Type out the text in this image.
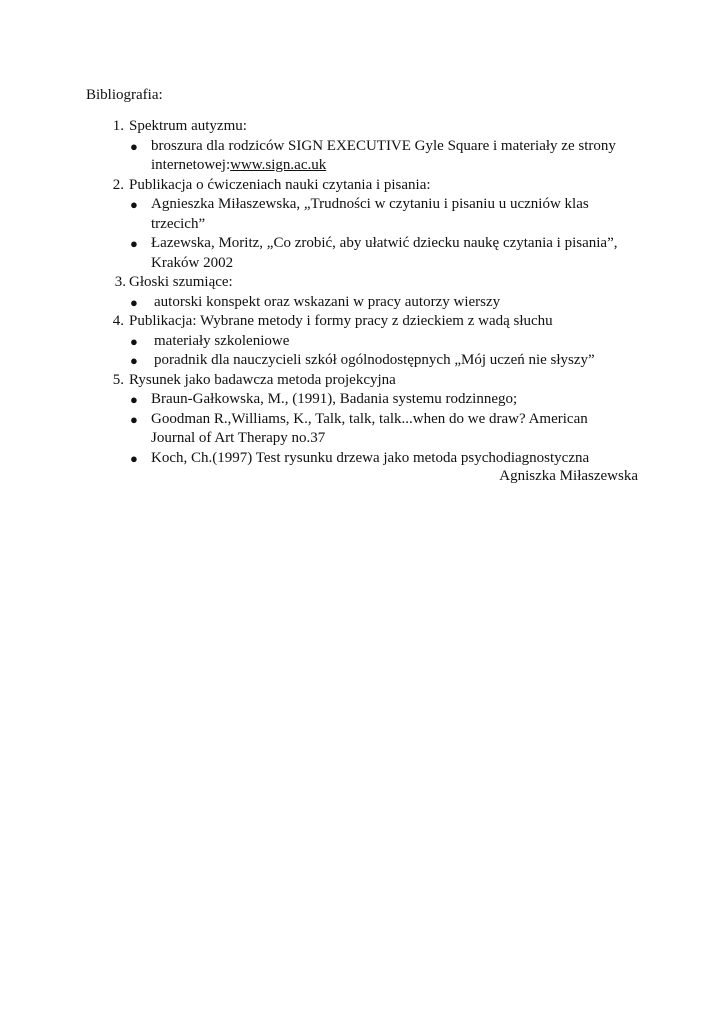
Bibliografia:
1. Spektrum autyzmu:
● broszura dla rodziców SIGN EXECUTIVE Gyle Square i materiały ze strony internetowej:www.sign.ac.uk
2. Publikacja o ćwiczeniach nauki czytania i pisania:
● Agnieszka Miłaszewska, „Trudności w czytaniu i pisaniu u uczniów klas trzecich”
● Łazewska, Moritz, „Co zrobić, aby ułatwić dziecku naukę czytania i pisania”, Kraków 2002
3. Głoski szumiące:
● autorski konspekt oraz wskazani w pracy autorzy wierszy
4. Publikacja: Wybrane metody i formy pracy z dzieckiem z wadą słuchu
● materiały szkoleniowe
● poradnik dla nauczycieli szkół ogólnodostępnych „Mój uczeń nie słyszy”
5. Rysunek jako badawcza metoda projekcyjna
● Braun-Gałkowska, M., (1991), Badania systemu rodzinnego;
● Goodman R.,Williams, K., Talk, talk, talk...when do we draw? American Journal of Art Therapy no.37
● Koch, Ch.(1997) Test rysunku drzewa jako metoda psychodiagnostyczna
Agniszka Miłaszewska
